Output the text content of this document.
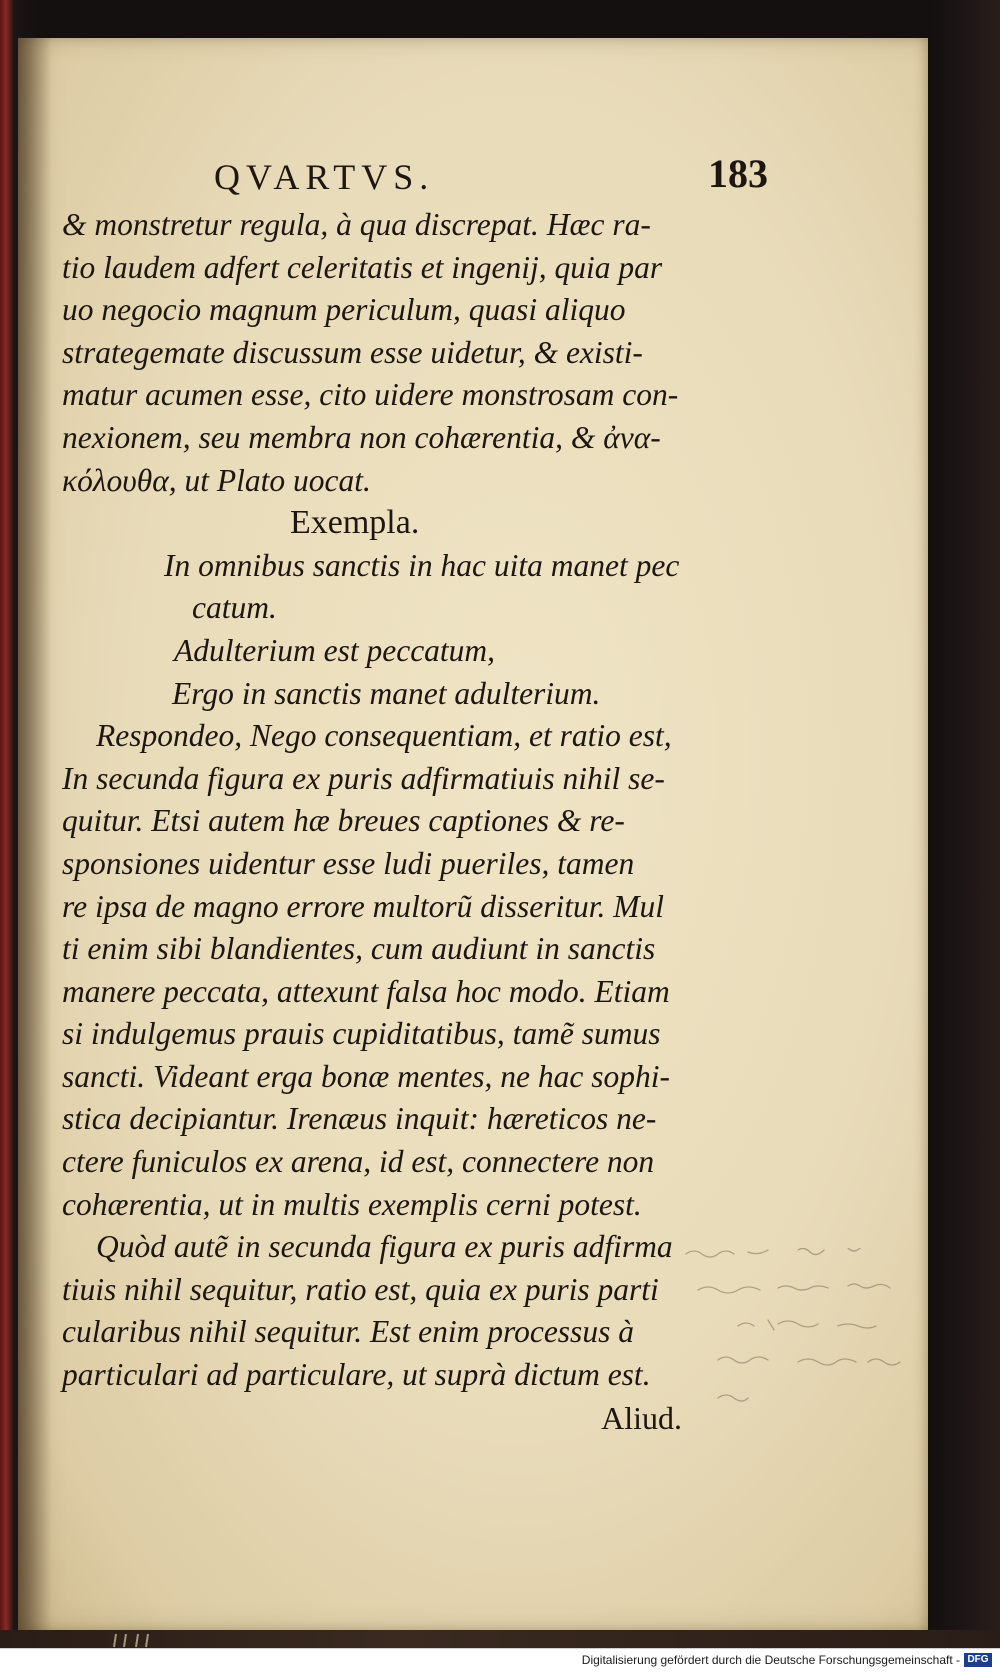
QVARTVS.	183
& monstretur regula, à qua discrepat. Hæc ra-
tio laudem adfert celeritatis et ingenij, quia par
uo negocio magnum periculum, quasi aliquo
strategemate discussum esse uidetur, & existi-
matur acumen esse, cito uidere monstrosam con-
nexionem, seu membra non cohærentia, & ἀνα-
κόλουθα, ut Plato uocat.
Exempla.
In omnibus sanctis in hac uita manet pec
catum.
Adulterium est peccatum,
Ergo in sanctis manet adulterium.
Respondeo, Nego consequentiam, et ratio est,
In secunda figura ex puris adfirmatiuis nihil se-
quitur. Etsi autem hæ breues captiones & re-
sponsiones uidentur esse ludi pueriles, tamen
re ipsa de magno errore multorũ disseritur. Mul
ti enim sibi blandientes, cum audiunt in sanctis
manere peccata, attexunt falsa hoc modo. Etiam
si indulgemus prauis cupiditatibus, tamẽ sumus
sancti. Videant erga bonæ mentes, ne hac sophi-
stica decipiantur. Irenæus inquit: hæreticos ne-
ctere funiculos ex arena, id est, connectere non
cohærentia, ut in multis exemplis cerni potest.
Quòd autẽ in secunda figura ex puris adfirma
tiuis nihil sequitur, ratio est, quia ex puris parti
cularibus nihil sequitur. Est enim processus à
particulari ad particulare, ut suprà dictum est.
Aliud.
Digitalisierung gefördert durch die Deutsche Forschungsgemeinschaft - DFG
